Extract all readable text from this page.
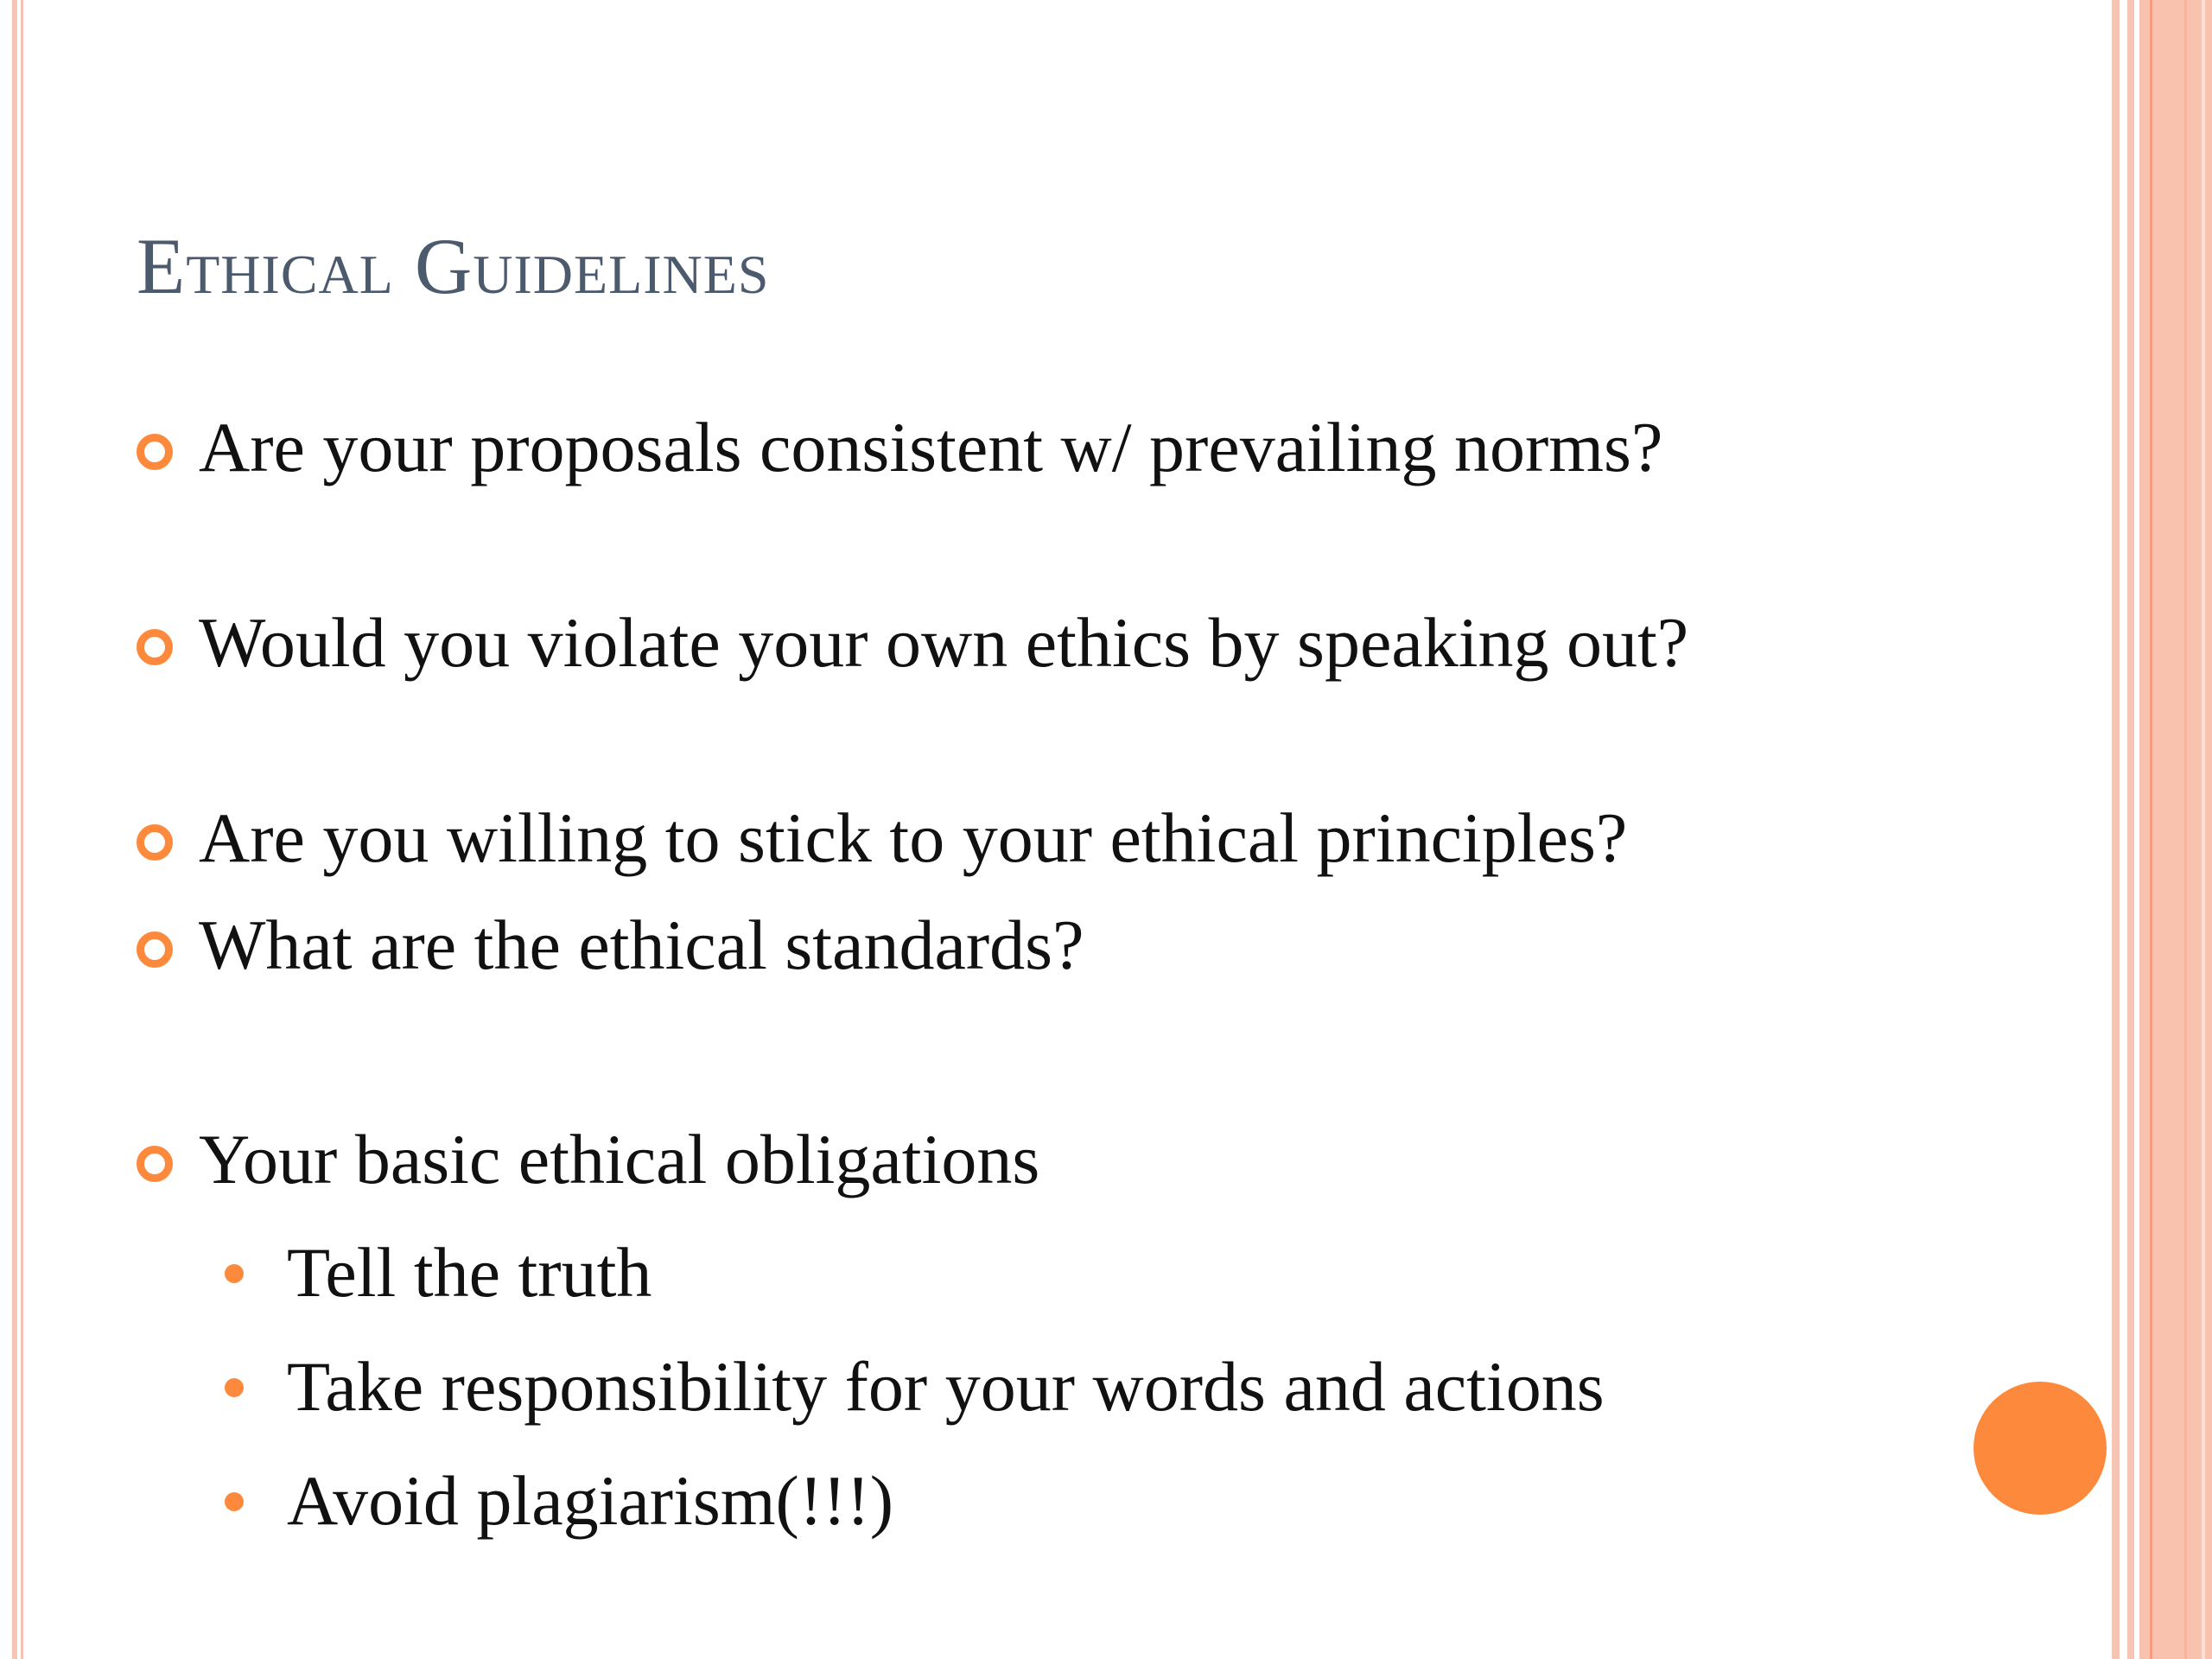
Ethical Guidelines
Are your proposals consistent w/ prevailing norms?
Would you violate your own ethics by speaking out?
Are you willing to stick to your ethical principles?
What are the ethical standards?
Your basic ethical obligations
Tell the truth
Take responsibility for your words and actions
Avoid plagiarism(!!!)
